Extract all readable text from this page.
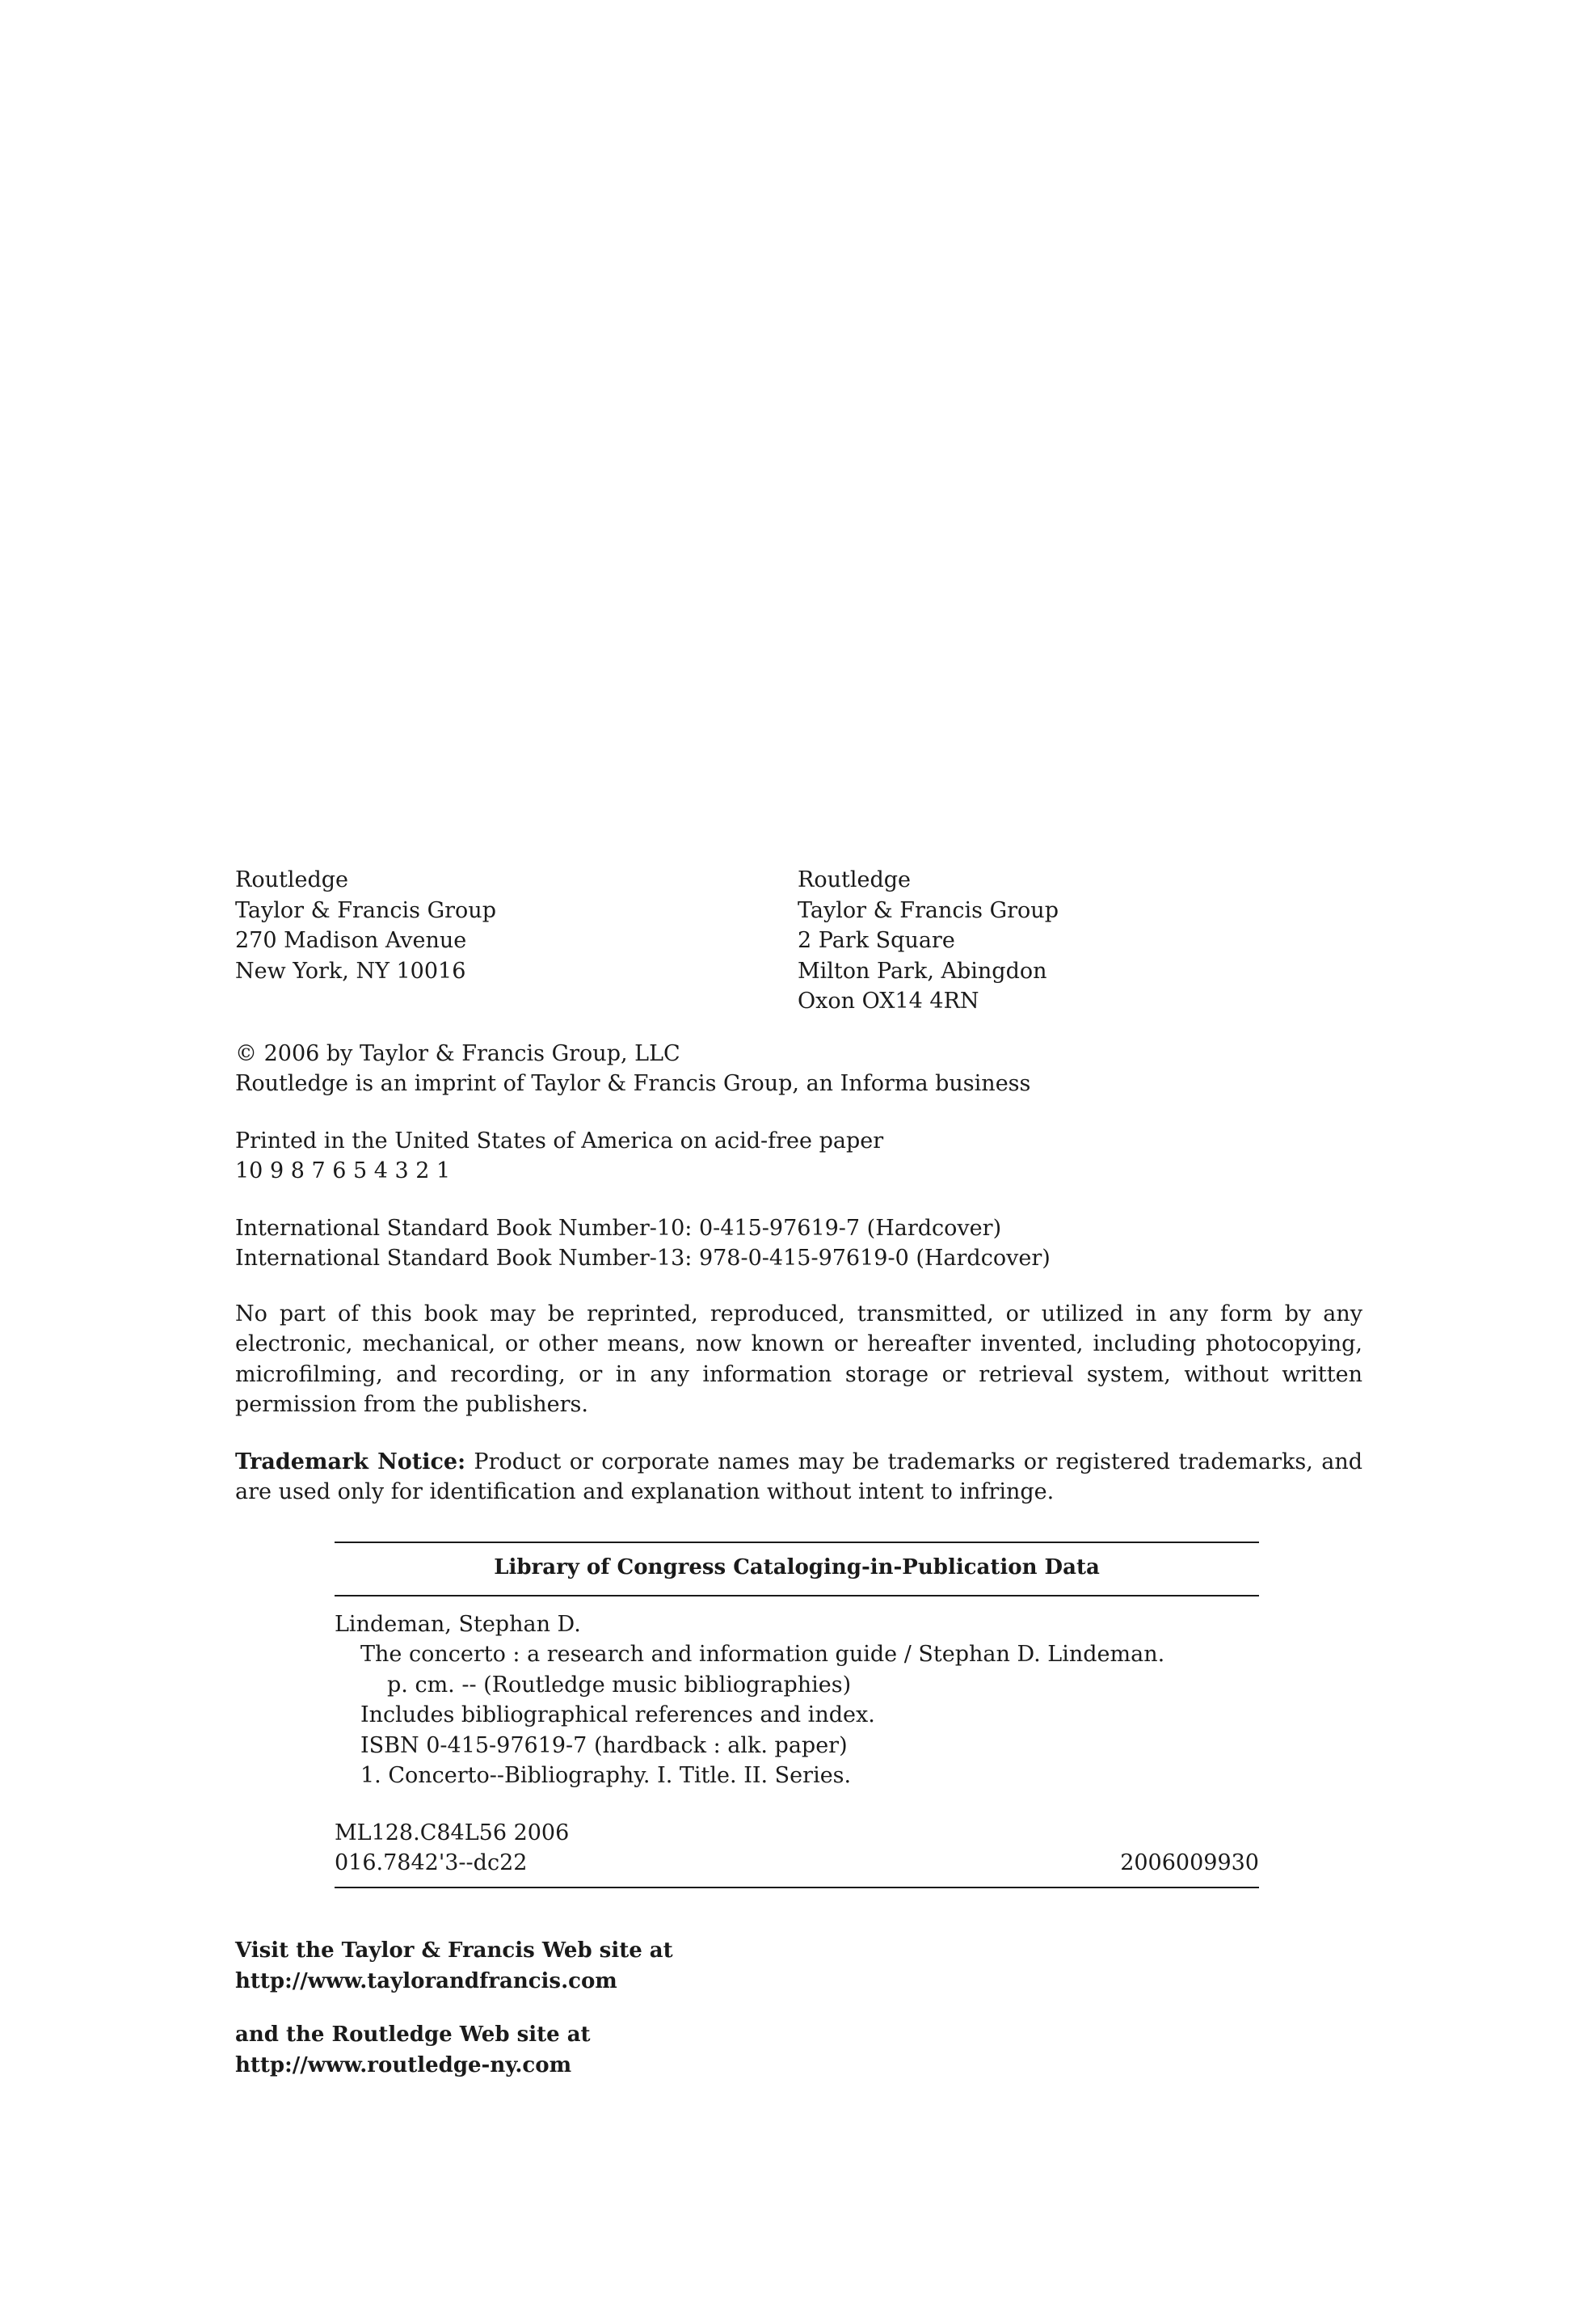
Routledge
Taylor & Francis Group
270 Madison Avenue
New York, NY 10016
Routledge
Taylor & Francis Group
2 Park Square
Milton Park, Abingdon
Oxon OX14 4RN
© 2006 by Taylor & Francis Group, LLC
Routledge is an imprint of Taylor & Francis Group, an Informa business
Printed in the United States of America on acid-free paper
10 9 8 7 6 5 4 3 2 1
International Standard Book Number-10: 0-415-97619-7 (Hardcover)
International Standard Book Number-13: 978-0-415-97619-0 (Hardcover)
No part of this book may be reprinted, reproduced, transmitted, or utilized in any form by any electronic, mechanical, or other means, now known or hereafter invented, including photocopying, microfilming, and recording, or in any information storage or retrieval system, without written permission from the publishers.
Trademark Notice: Product or corporate names may be trademarks or registered trademarks, and are used only for identification and explanation without intent to infringe.
Library of Congress Cataloging-in-Publication Data
Lindeman, Stephan D.
The concerto : a research and information guide / Stephan D. Lindeman.
p. cm. -- (Routledge music bibliographies)
Includes bibliographical references and index.
ISBN 0-415-97619-7 (hardback : alk. paper)
1. Concerto--Bibliography. I. Title. II. Series.
ML128.C84L56 2006
016.7842'3--dc22	2006009930
Visit the Taylor & Francis Web site at
http://www.taylorandfrancis.com
and the Routledge Web site at
http://www.routledge-ny.com
